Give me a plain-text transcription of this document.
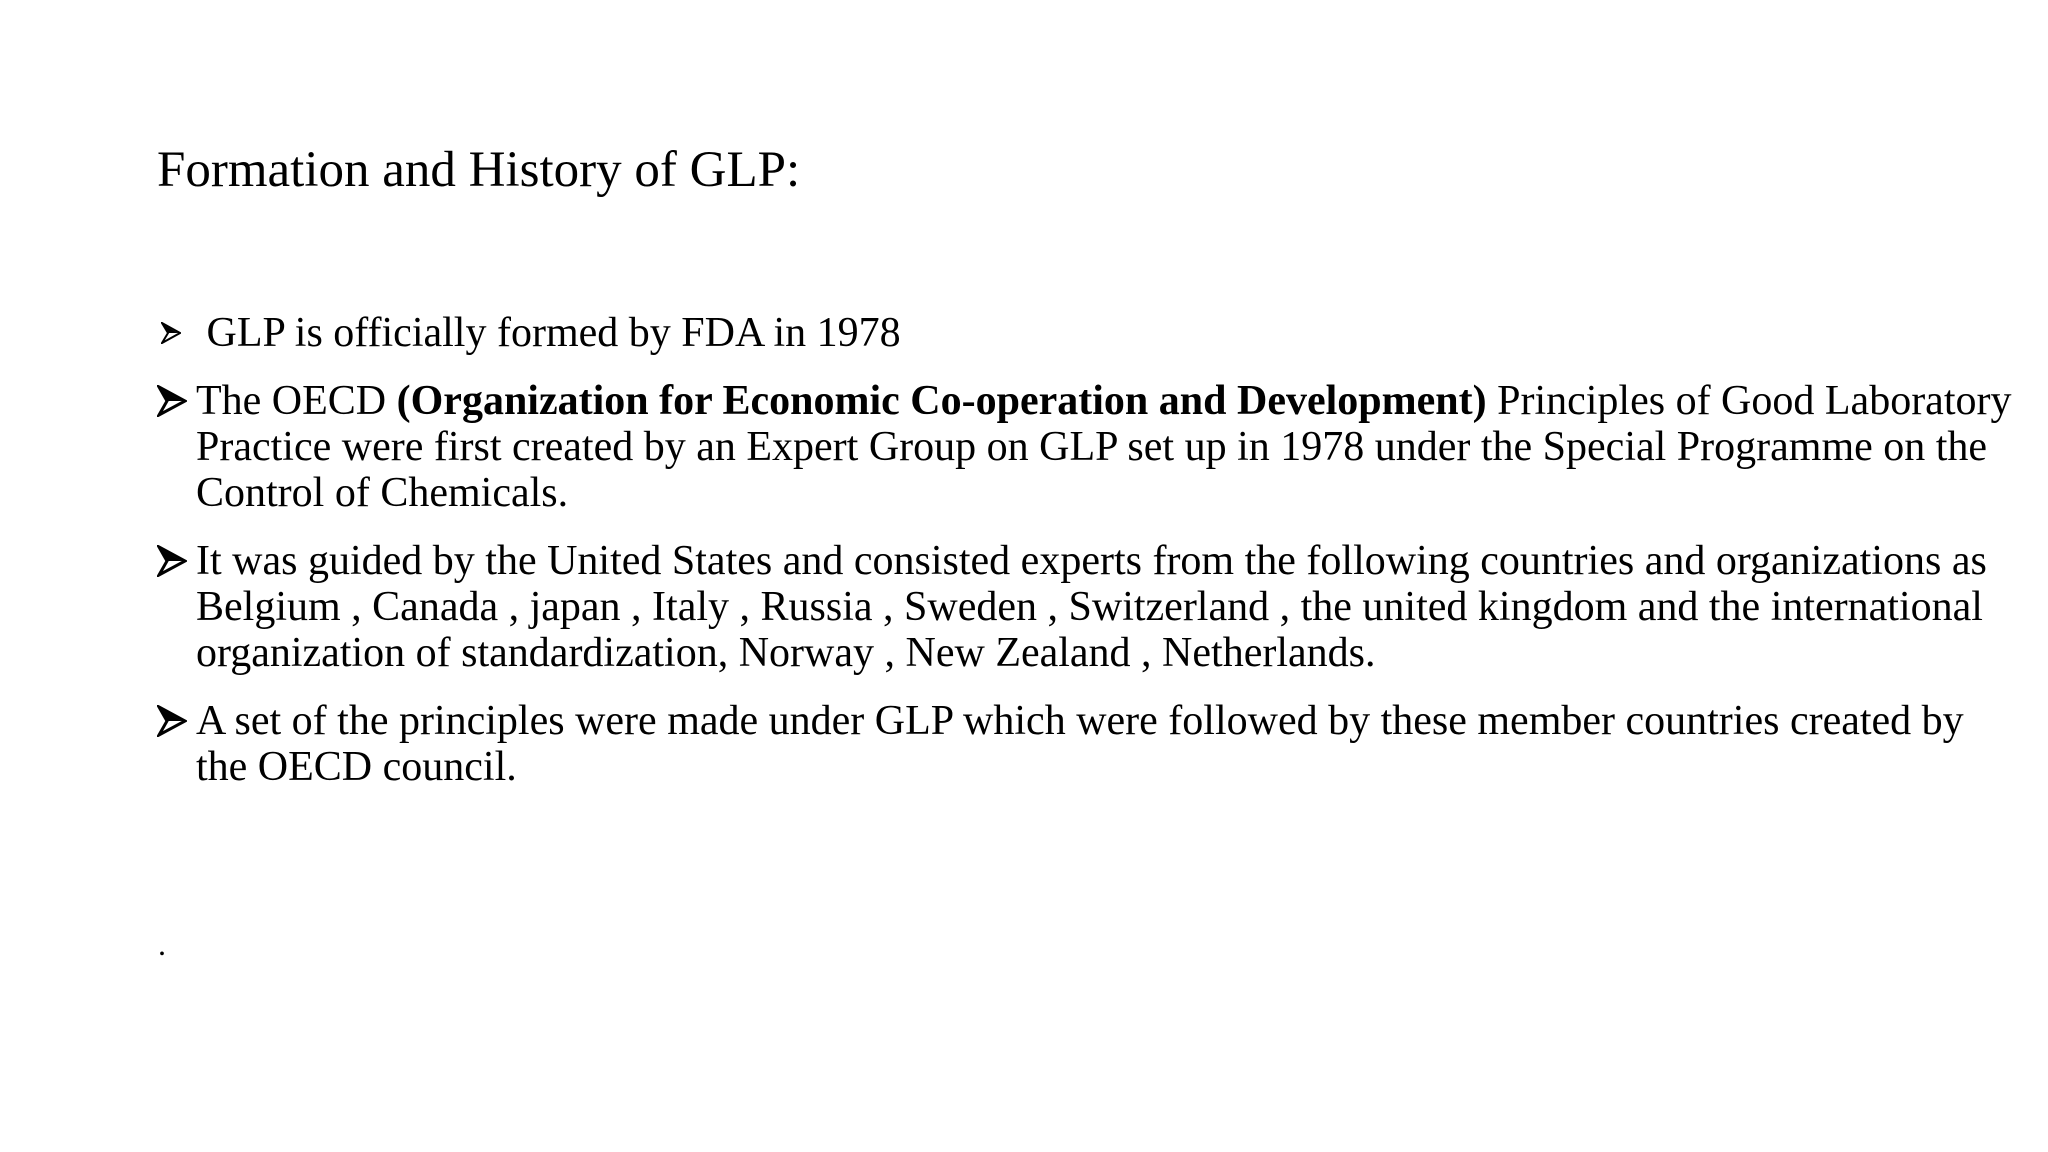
Formation and History of GLP:
GLP is officially formed by FDA in 1978
The OECD (Organization for Economic Co-operation and Development) Principles of Good Laboratory Practice were first created by an Expert Group on GLP set up in 1978 under the Special Programme on the Control of Chemicals.
It was guided by the United States and consisted experts from the following countries and organizations as Belgium , Canada , japan , Italy , Russia , Sweden , Switzerland , the united kingdom and the international organization of standardization, Norway , New Zealand , Netherlands.
A set of the principles were made under GLP which were followed by these member countries created by the OECD council.
.
